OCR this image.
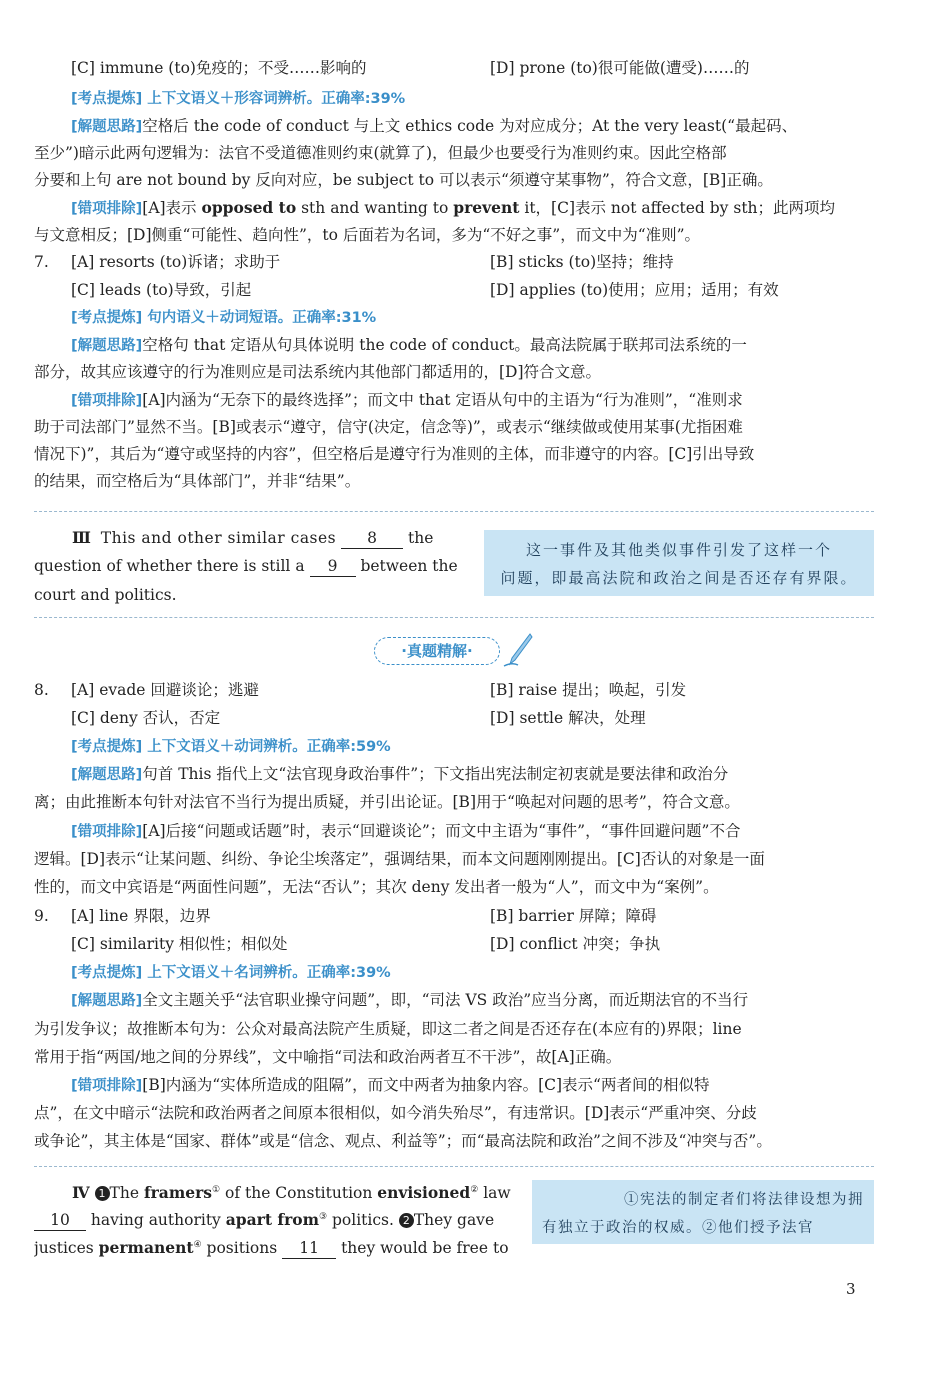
[C] immune (to)免疫的；不受……影响的	[D] prone (to)很可能做(遭受)……的
[考点提炼] 上下文语义＋形容词辨析。正确率:39%
[解题思路]空格后 the code of conduct 与上文 ethics code 为对应成分；At the very least(“最起码、
至少”)暗示此两句逻辑为：法官不受道德准则约束(就算了)，但最少也要受行为准则约束。因此空格部
分要和上句 are not bound by 反向对应，be subject to 可以表示“须遵守某事物”，符合文意，[B]正确。
[错项排除][A]表示 opposed to sth and wanting to prevent it，[C]表示 not affected by sth；此两项均
与文意相反；[D]侧重“可能性、趋向性”，to 后面若为名词，多为“不好之事”，而文中为“准则”。
7. [A] resorts (to)诉诸；求助于	[B] sticks (to)坚持；维持
[C] leads (to)导致，引起	[D] applies (to)使用；应用；适用；有效
[考点提炼] 句内语义＋动词短语。正确率:31%
[解题思路]空格句 that 定语从句具体说明 the code of conduct。最高法院属于联邦司法系统的一
部分，故其应该遵守的行为准则应是司法系统内其他部门都适用的，[D]符合文意。
[错项排除][A]内涵为“无奈下的最终选择”；而文中 that 定语从句中的主语为“行为准则”，“准则求
助于司法部门”显然不当。[B]或表示“遵守，信守(决定，信念等)”，或表示“继续做或使用某事(尤指困难
情况下)”，其后为“遵守或坚持的内容”，但空格后是遵守行为准则的主体，而非遵守的内容。[C]引出导致
的结果，而空格后为“具体部门”，并非“结果”。
Ⅲ This and other similar cases 8 the
question of whether there is still a 9 between the
court and politics.
这一事件及其他类似事件引发了这样一个
问题，即最高法院和政治之间是否还存有界限。
·真题精解·
8. [A] evade 回避谈论；逃避	[B] raise 提出；唤起，引发
[C] deny 否认，否定	[D] settle 解决，处理
[考点提炼] 上下文语义＋动词辨析。正确率:59%
[解题思路]句首 This 指代上文“法官现身政治事件”；下文指出宪法制定初衷就是要法律和政治分
离；由此推断本句针对法官不当行为提出质疑，并引出论证。[B]用于“唤起对问题的思考”，符合文意。
[错项排除][A]后接“问题或话题”时，表示“回避谈论”；而文中主语为“事件”，“事件回避问题”不合
逻辑。[D]表示“让某问题、纠纷、争论尘埃落定”，强调结果，而本文问题刚刚提出。[C]否认的对象是一面
性的，而文中宾语是“两面性问题”，无法“否认”；其次 deny 发出者一般为“人”，而文中为“案例”。
9. [A] line 界限，边界	[B] barrier 屏障；障碍
[C] similarity 相似性；相似处	[D] conflict 冲突；争执
[考点提炼] 上下文语义＋名词辨析。正确率:39%
[解题思路]全文主题关乎“法官职业操守问题”，即，“司法 VS 政治”应当分离，而近期法官的不当行
为引发争议；故推断本句为：公众对最高法院产生质疑，即这二者之间是否还存在(本应有的)界限；line
常用于指“两国/地之间的分界线”，文中喻指“司法和政治两者互不干涉”，故[A]正确。
[错项排除][B]内涵为“实体所造成的阻隔”，而文中两者为抽象内容。[C]表示“两者间的相似特
点”，在文中暗示“法院和政治两者之间原本很相似，如今消失殆尽”，有违常识。[D]表示“严重冲突、分歧
或争论”，其主体是“国家、群体”或是“信念、观点、利益等”；而“最高法院和政治”之间不涉及“冲突与否”。
Ⅳ 1 The framers① of the Constitution envisioned② law
10 having authority apart from③ politics. 2 They gave
justices permanent④ positions 11 they would be free to
①宪法的制定者们将法律设想为拥
有独立于政治的权威。②他们授予法官
3
